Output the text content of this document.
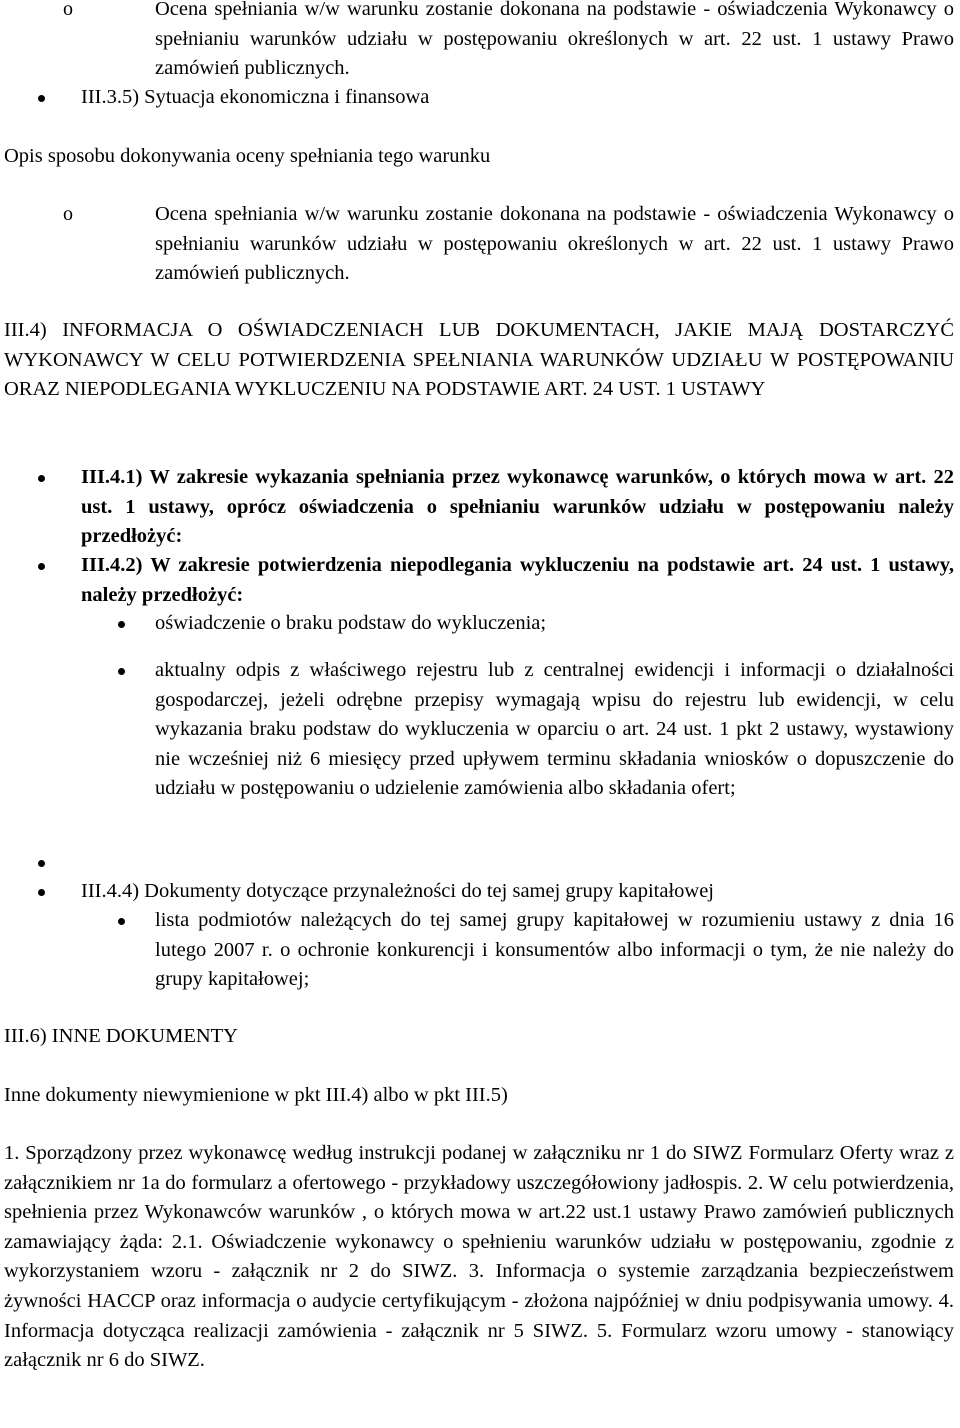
o	Ocena spełniania w/w warunku zostanie dokonana na podstawie - oświadczenia Wykonawcy o spełnianiu warunków udziału w postępowaniu określonych w art. 22 ust. 1 ustawy Prawo zamówień publicznych.

III.3.5) Sytuacja ekonomiczna i finansowa

Opis sposobu dokonywania oceny spełniania tego warunku

o	Ocena spełniania w/w warunku zostanie dokonana na podstawie - oświadczenia Wykonawcy o spełnianiu warunków udziału w postępowaniu określonych w art. 22 ust. 1 ustawy Prawo zamówień publicznych.

III.4) INFORMACJA O OŚWIADCZENIACH LUB DOKUMENTACH, JAKIE MAJĄ DOSTARCZYĆ WYKONAWCY W CELU POTWIERDZENIA SPEŁNIANIA WARUNKÓW UDZIAŁU W POSTĘPOWANIU ORAZ NIEPODLEGANIA WYKLUCZENIU NA PODSTAWIE ART. 24 UST. 1 USTAWY

III.4.1) W zakresie wykazania spełniania przez wykonawcę warunków, o których mowa w art. 22 ust. 1 ustawy, oprócz oświadczenia o spełnianiu warunków udziału w postępowaniu należy przedłożyć:

III.4.2) W zakresie potwierdzenia niepodlegania wykluczeniu na podstawie art. 24 ust. 1 ustawy, należy przedłożyć:

oświadczenie o braku podstaw do wykluczenia;

aktualny odpis z właściwego rejestru lub z centralnej ewidencji i informacji o działalności gospodarczej, jeżeli odrębne przepisy wymagają wpisu do rejestru lub ewidencji, w celu wykazania braku podstaw do wykluczenia w oparciu o art. 24 ust. 1 pkt 2 ustawy, wystawiony nie wcześniej niż 6 miesięcy przed upływem terminu składania wniosków o dopuszczenie do udziału w postępowaniu o udzielenie zamówienia albo składania ofert;

III.4.4) Dokumenty dotyczące przynależności do tej samej grupy kapitałowej

lista podmiotów należących do tej samej grupy kapitałowej w rozumieniu ustawy z dnia 16 lutego 2007 r. o ochronie konkurencji i konsumentów albo informacji o tym, że nie należy do grupy kapitałowej;

III.6) INNE DOKUMENTY

Inne dokumenty niewymienione w pkt III.4) albo w pkt III.5)

1. Sporządzony przez wykonawcę według instrukcji podanej w załączniku nr 1 do SIWZ Formularz Oferty wraz z załącznikiem nr 1a do formularz a ofertowego - przykładowy uszczegółowiony jadłospis. 2. W celu potwierdzenia, spełnienia przez Wykonawców warunków , o których mowa w art.22 ust.1 ustawy Prawo zamówień publicznych zamawiający żąda: 2.1. Oświadczenie wykonawcy o spełnieniu warunków udziału w postępowaniu, zgodnie z wykorzystaniem wzoru - załącznik nr 2 do SIWZ. 3. Informacja o systemie zarządzania bezpieczeństwem żywności HACCP oraz informacja o audycie certyfikującym - złożona najpóźniej w dniu podpisywania umowy. 4. Informacja dotycząca realizacji zamówienia - załącznik nr 5 SIWZ. 5. Formularz wzoru umowy - stanowiący załącznik nr 6 do SIWZ.
